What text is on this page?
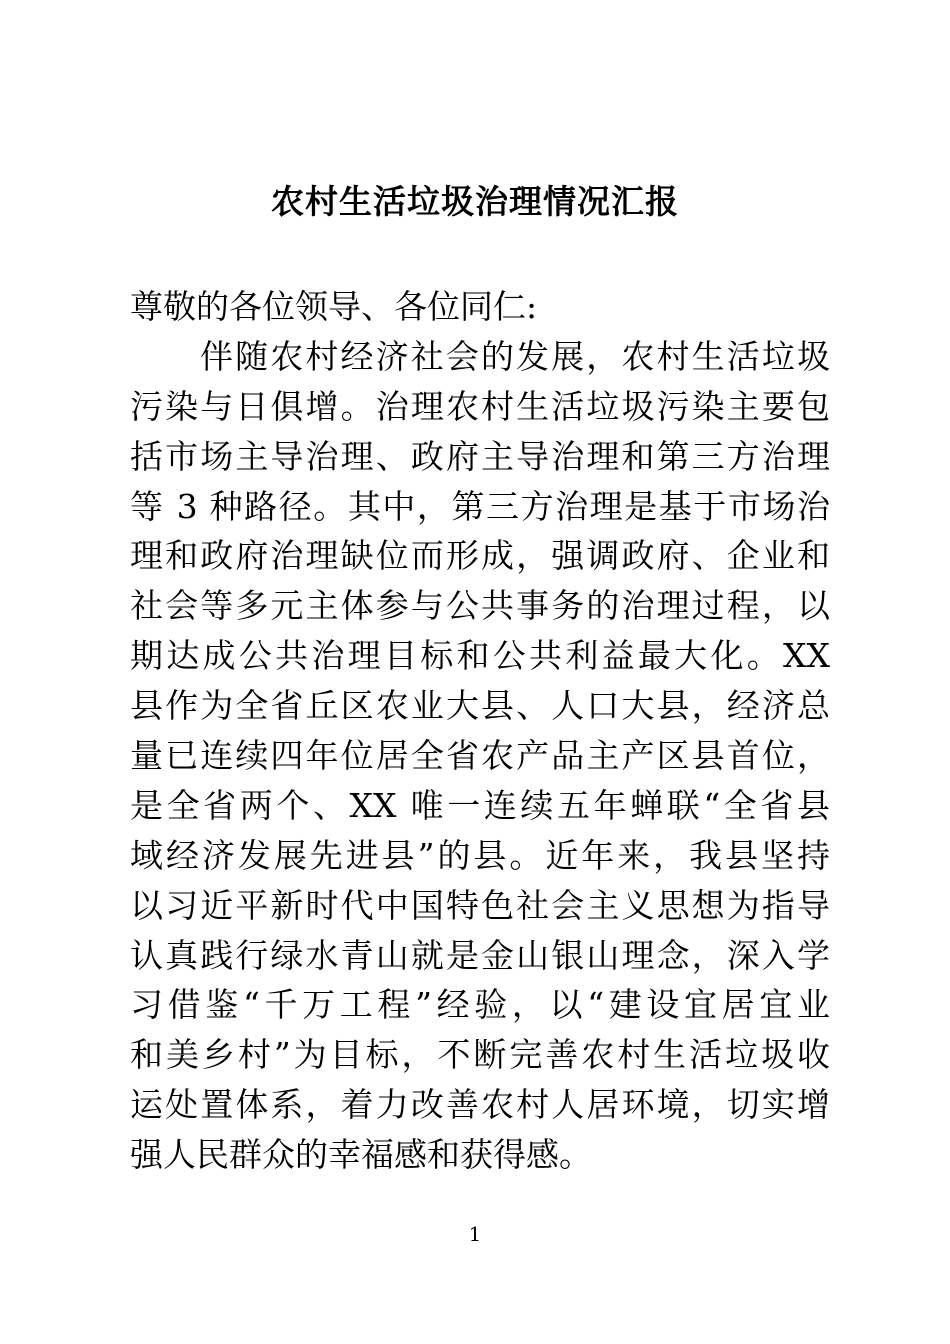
农村生活垃圾治理情况汇报
尊敬的各位领导、各位同仁:
伴随农村经济社会的发展，农村生活垃圾
污染与日俱增。治理农村生活垃圾污染主要包
括市场主导治理、政府主导治理和第三方治理
等 3 种路径。其中，第三方治理是基于市场治
理和政府治理缺位而形成，强调政府、企业和
社会等多元主体参与公共事务的治理过程，以
期达成公共治理目标和公共利益最大化。XX
县作为全省丘区农业大县、人口大县，经济总
量已连续四年位居全省农产品主产区县首位，
是全省两个、XX 唯一连续五年蝉联“全省县
域经济发展先进县”的县。近年来，我县坚持
以习近平新时代中国特色社会主义思想为指导
认真践行绿水青山就是金山银山理念，深入学
习借鉴“千万工程”经验，以“建设宜居宜业
和美乡村”为目标，不断完善农村生活垃圾收
运处置体系，着力改善农村人居环境，切实增
强人民群众的幸福感和获得感。
1
